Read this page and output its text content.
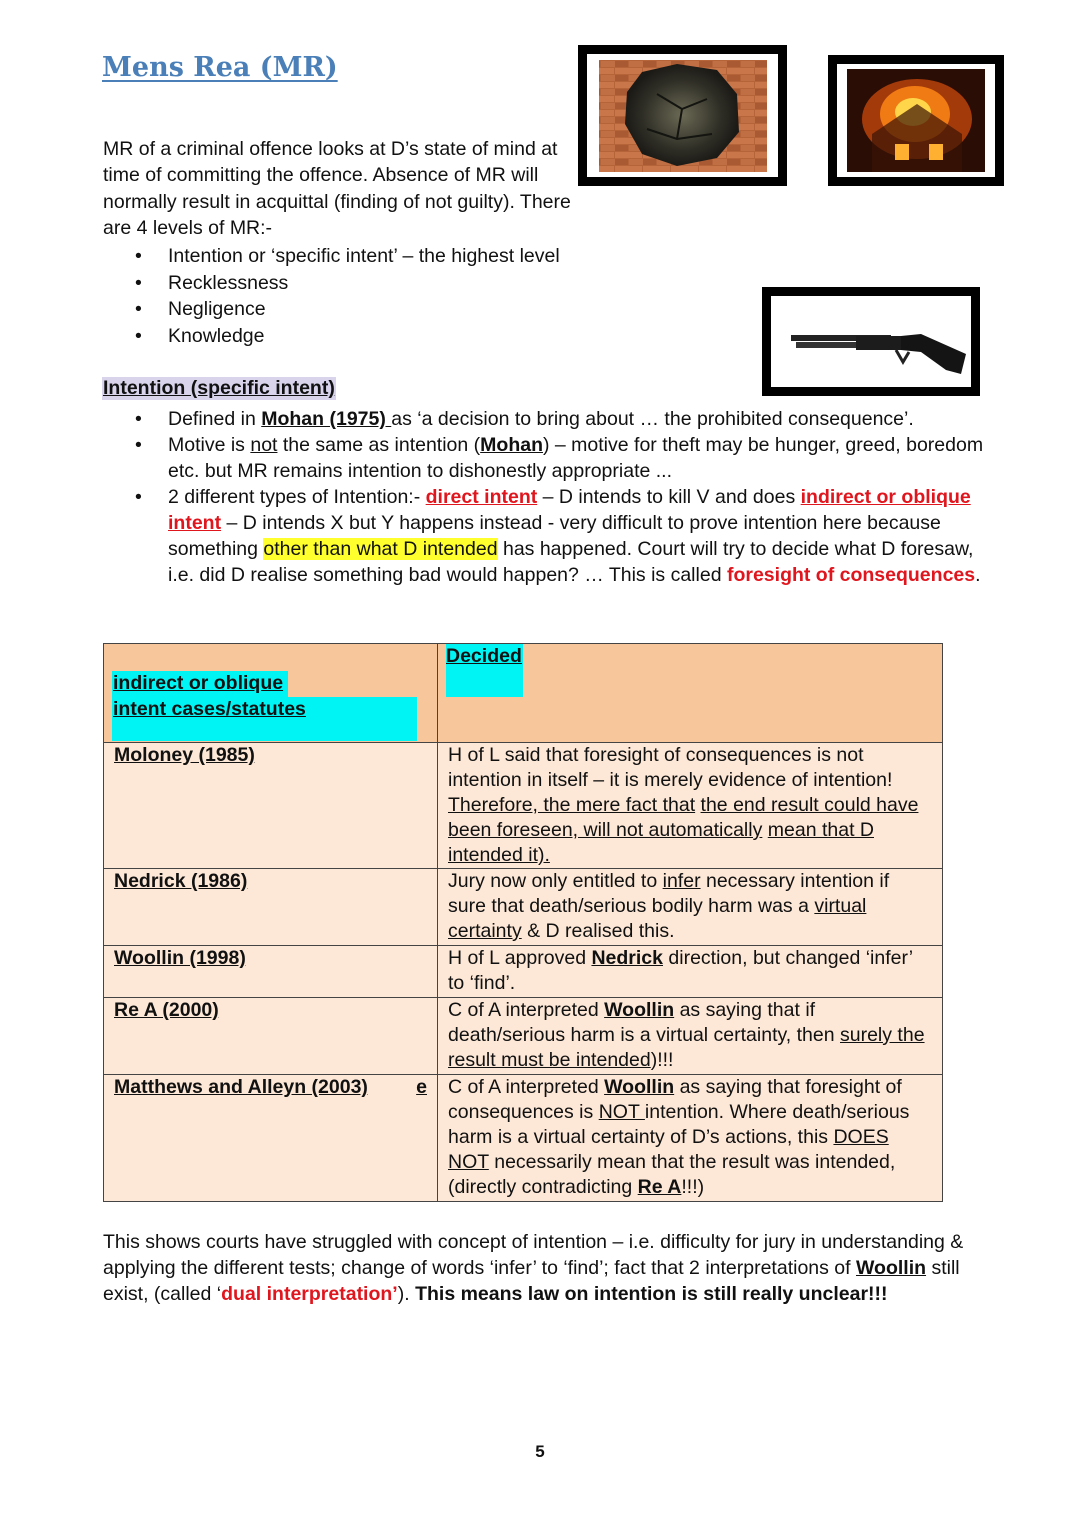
Mens Rea (MR)
MR of a criminal offence looks at D’s state of mind at time of committing the offence. Absence of MR will normally result in acquittal (finding of not guilty). There are 4 levels of MR:-
• Intention or ‘specific intent’ – the highest level
• Recklessness
• Negligence
• Knowledge
Intention (specific intent)
• Defined in Mohan (1975) as ‘a decision to bring about … the prohibited consequence’.
• Motive is not the same as intention (Mohan) – motive for theft may be hunger, greed, boredom etc. but MR remains intention to dishonestly appropriate ...
• 2 different types of Intention:- direct intent – D intends to kill V and does indirect or oblique intent – D intends X but Y happens instead - very difficult to prove intention here because something other than what D intended has happened. Court will try to decide what D foresaw, i.e. did D realise something bad would happen? … This is called foresight of consequences.
indirect or oblique
intent cases/statutes	Decided

Moloney (1985)	H of L said that foresight of consequences is not intention in itself – it is merely evidence of intention! Therefore, the mere fact that the end result could have been foreseen, will not automatically mean that D intended it).
Nedrick (1986)	Jury now only entitled to infer necessary intention if sure that death/serious bodily harm was a virtual certainty & D realised this.
Woollin (1998)	H of L approved Nedrick direction, but changed ‘infer’ to ‘find’.
Re A (2000)	C of A interpreted Woollin as saying that if death/serious harm is a virtual certainty, then surely the result must be intended)!!!
Matthews and Alleyn (2003) e	C of A interpreted Woollin as saying that foresight of consequences is NOT intention. Where death/serious harm is a virtual certainty of D’s actions, this DOES NOT necessarily mean that the result was intended, (directly contradicting Re A!!!)
This shows courts have struggled with concept of intention – i.e. difficulty for jury in understanding & applying the different tests; change of words ‘infer’ to ‘find’; fact that 2 interpretations of Woollin still exist, (called ‘dual interpretation’). This means law on intention is still really unclear!!!
5
